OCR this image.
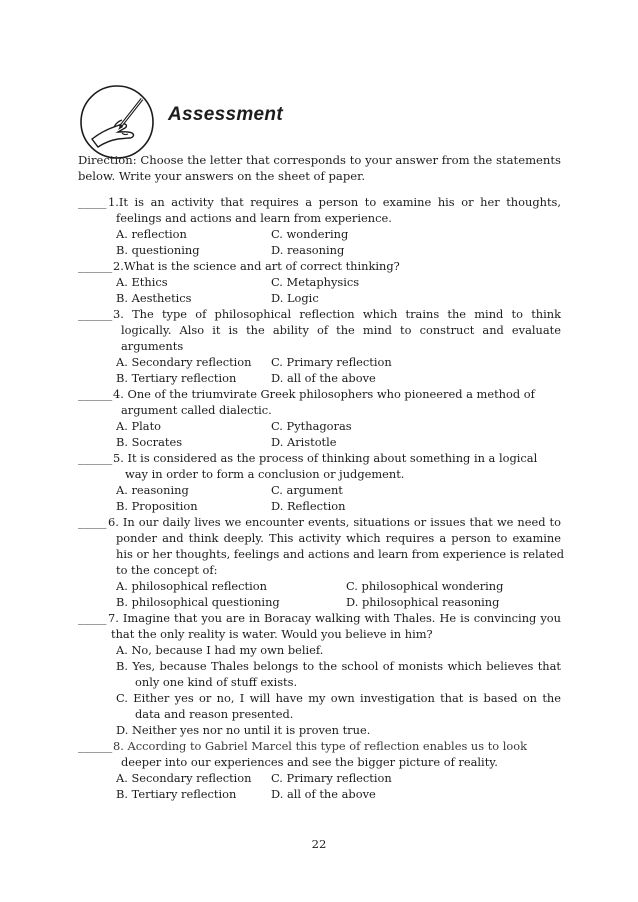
Assessment
Direction: Choose the letter that corresponds to your answer from the statements below. Write your answers on the sheet of paper.
_____ 1.It is an activity that requires a person to examine his or her thoughts,
feelings and actions and learn from experience.
A. reflection	C. wondering
B. questioning	D. reasoning
______ 2.What is the science and art of correct thinking?
A. Ethics	C. Metaphysics
B. Aesthetics	D. Logic
______ 3. The type of philosophical reflection which trains the mind to think
logically. Also it is the ability of the mind to construct and evaluate
arguments
A. Secondary reflection C. Primary reflection
B. Tertiary reflection	D. all of the above
______ 4. One of the triumvirate Greek philosophers who pioneered a method of
argument called dialectic.
A. Plato	C. Pythagoras
B. Socrates	D. Aristotle
______ 5. It is considered as the process of thinking about something in a logical
way in order to form a conclusion or judgement.
A. reasoning	C. argument
B. Proposition	D. Reflection
_____ 6. In our daily lives we encounter events, situations or issues that we need to
ponder and think deeply. This activity which requires a person to examine
his or her thoughts, feelings and actions and learn from experience is related
to the concept of:
A. philosophical reflection	C. philosophical wondering
B. philosophical questioning	D. philosophical reasoning
_____ 7. Imagine that you are in Boracay walking with Thales. He is convincing you
that the only reality is water. Would you believe in him?
A. No, because I had my own belief.
B. Yes, because Thales belongs to the school of monists which believes that
only one kind of stuff exists.
C. Either yes or no, I will have my own investigation that is based on the
data and reason presented.
D. Neither yes nor no until it is proven true.
______ 8. According to Gabriel Marcel this type of reflection enables us to look
deeper into our experiences and see the bigger picture of reality.
A. Secondary reflection C. Primary reflection
B. Tertiary reflection	D. all of the above
22
